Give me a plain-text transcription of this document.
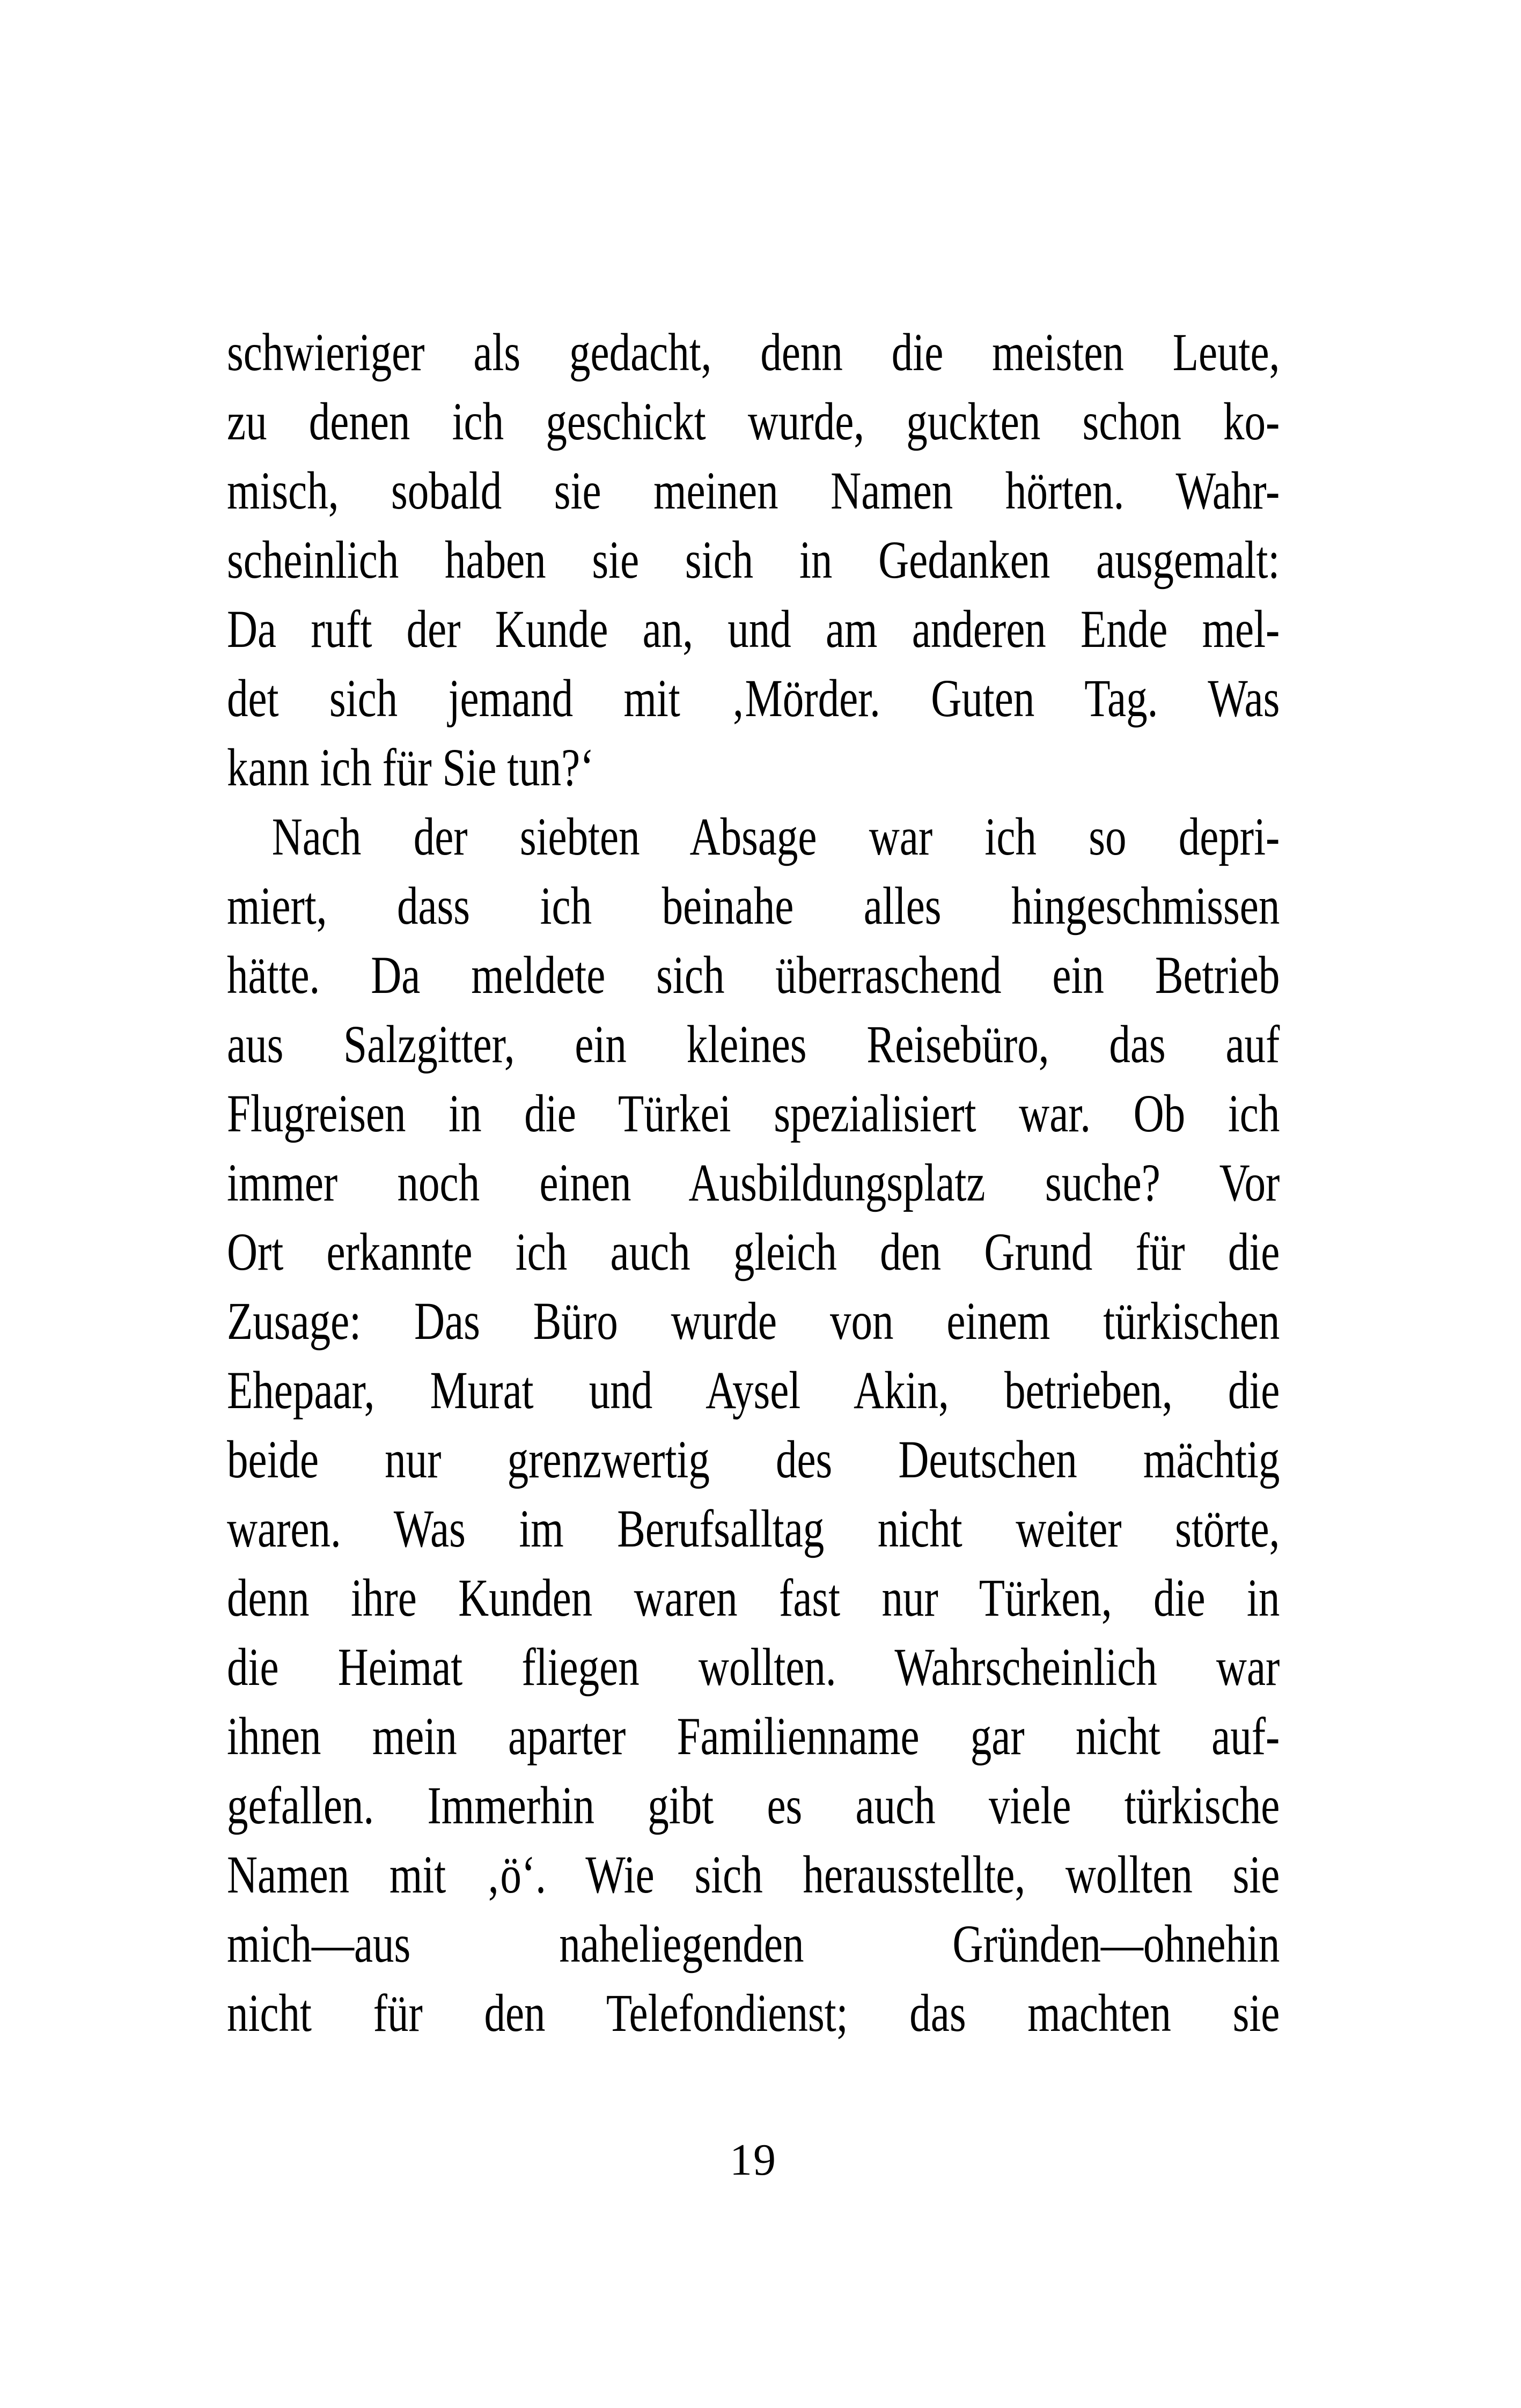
schwieriger als gedacht, denn die meisten Leute,
zu denen ich geschickt wurde, guckten schon ko-
misch, sobald sie meinen Namen hörten. Wahr-
scheinlich haben sie sich in Gedanken ausgemalt:
Da ruft der Kunde an, und am anderen Ende mel-
det sich jemand mit ‚Mörder. Guten Tag. Was
kann ich für Sie tun?‘
Nach der siebten Absage war ich so depri-
miert, dass ich beinahe alles hingeschmissen
hätte. Da meldete sich überraschend ein Betrieb
aus Salzgitter, ein kleines Reisebüro, das auf
Flugreisen in die Türkei spezialisiert war. Ob ich
immer noch einen Ausbildungsplatz suche? Vor
Ort erkannte ich auch gleich den Grund für die
Zusage: Das Büro wurde von einem türkischen
Ehepaar, Murat und Aysel Akin, betrieben, die
beide nur grenzwertig des Deutschen mächtig
waren. Was im Berufsalltag nicht weiter störte,
denn ihre Kunden waren fast nur Türken, die in
die Heimat fliegen wollten. Wahrscheinlich war
ihnen mein aparter Familienname gar nicht auf-
gefallen. Immerhin gibt es auch viele türkische
Namen mit ‚ö‘. Wie sich herausstellte, wollten sie
mich—aus naheliegenden Gründen—ohnehin
nicht für den Telefondienst; das machten sie
19
